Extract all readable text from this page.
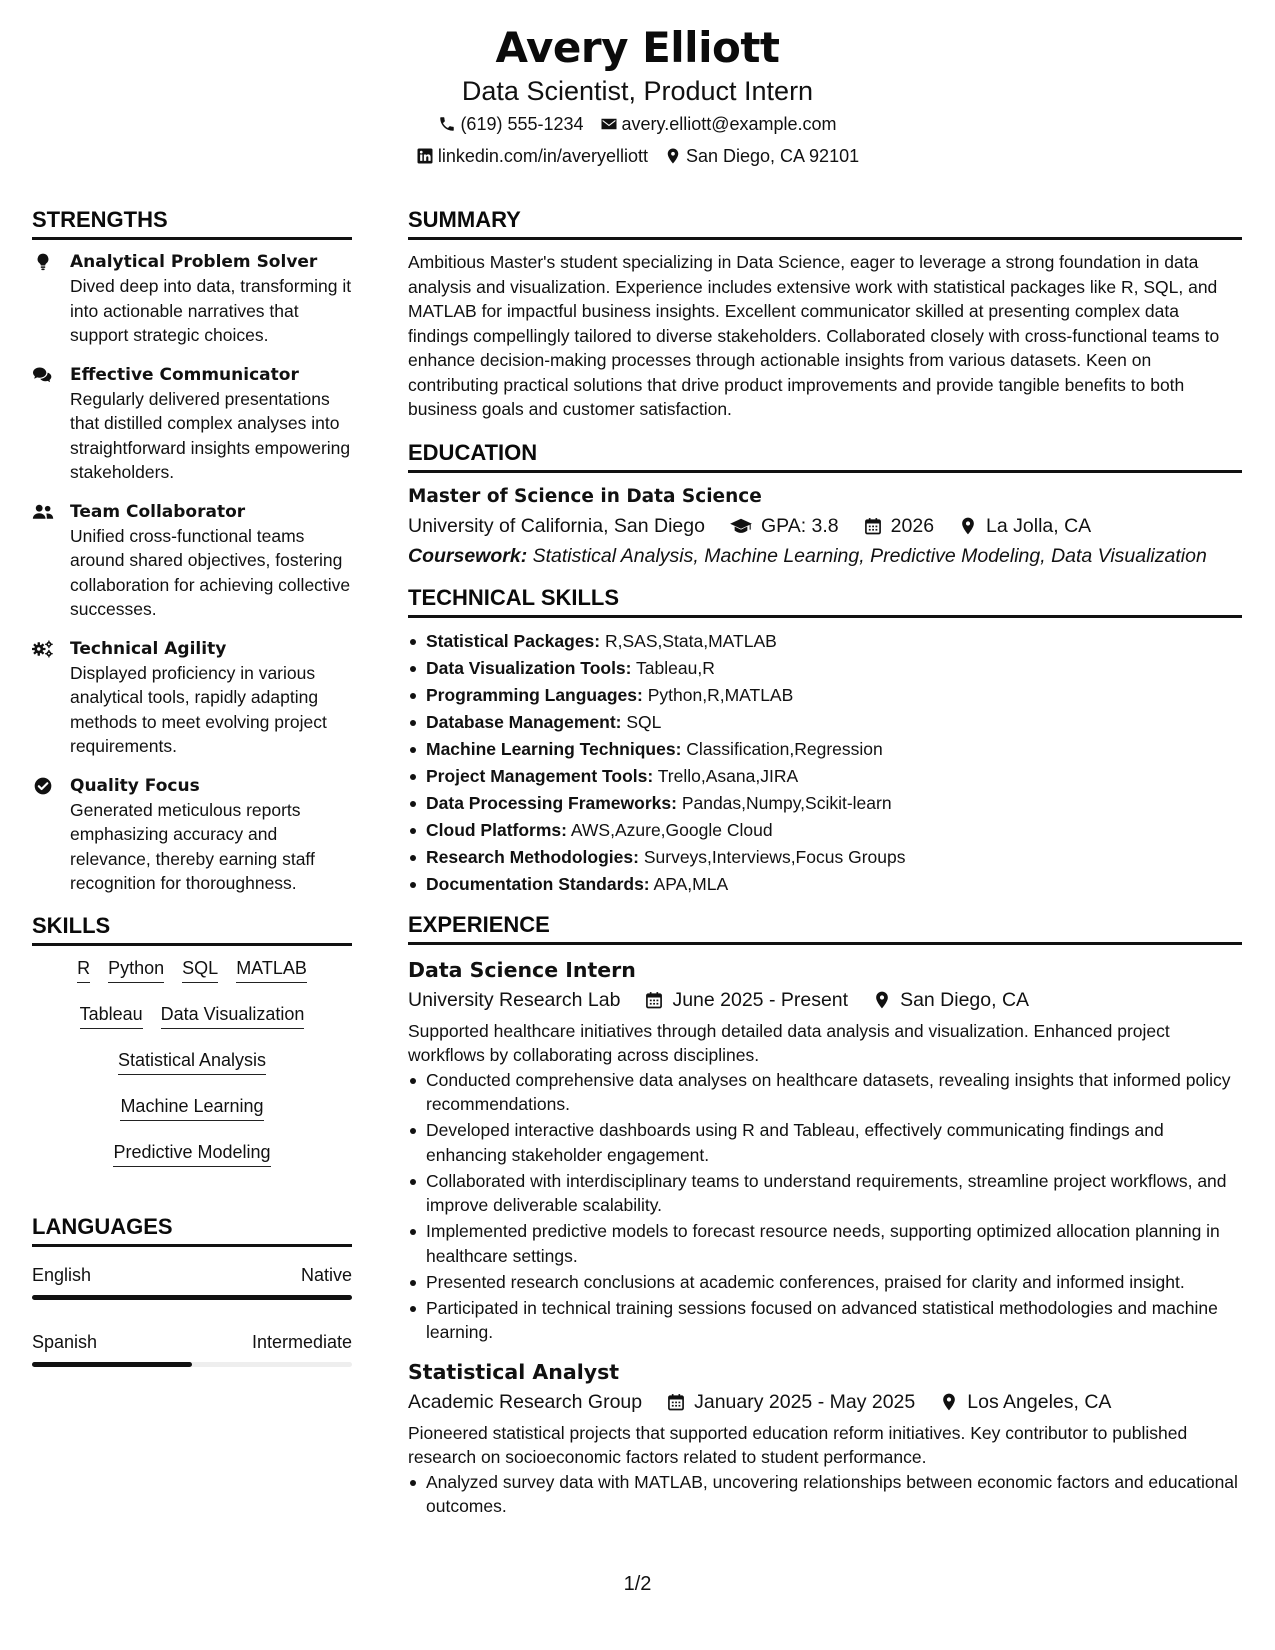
Avery Elliott
Data Scientist, Product Intern
(619) 555-1234 avery.elliott@example.com
linkedin.com/in/averyelliott San Diego, CA 92101
STRENGTHS
Analytical Problem Solver
Dived deep into data, transforming it into actionable narratives that support strategic choices.
Effective Communicator
Regularly delivered presentations that distilled complex analyses into straightforward insights empowering stakeholders.
Team Collaborator
Unified cross-functional teams around shared objectives, fostering collaboration for achieving collective successes.
Technical Agility
Displayed proficiency in various analytical tools, rapidly adapting methods to meet evolving project requirements.
Quality Focus
Generated meticulous reports emphasizing accuracy and relevance, thereby earning staff recognition for thoroughness.
SKILLS
R Python SQL MATLAB
Tableau Data Visualization
Statistical Analysis
Machine Learning
Predictive Modeling
LANGUAGES
English	Native
Spanish	Intermediate
SUMMARY
Ambitious Master's student specializing in Data Science, eager to leverage a strong foundation in data analysis and visualization. Experience includes extensive work with statistical packages like R, SQL, and MATLAB for impactful business insights. Excellent communicator skilled at presenting complex data findings compellingly tailored to diverse stakeholders. Collaborated closely with cross-functional teams to enhance decision-making processes through actionable insights from various datasets. Keen on contributing practical solutions that drive product improvements and provide tangible benefits to both business goals and customer satisfaction.
EDUCATION
Master of Science in Data Science
University of California, San Diego	GPA: 3.8	2026	La Jolla, CA
Coursework: Statistical Analysis, Machine Learning, Predictive Modeling, Data Visualization
TECHNICAL SKILLS
Statistical Packages: R,SAS,Stata,MATLAB
Data Visualization Tools: Tableau,R
Programming Languages: Python,R,MATLAB
Database Management: SQL
Machine Learning Techniques: Classification,Regression
Project Management Tools: Trello,Asana,JIRA
Data Processing Frameworks: Pandas,Numpy,Scikit-learn
Cloud Platforms: AWS,Azure,Google Cloud
Research Methodologies: Surveys,Interviews,Focus Groups
Documentation Standards: APA,MLA
EXPERIENCE
Data Science Intern
University Research Lab	June 2025 - Present	San Diego, CA
Supported healthcare initiatives through detailed data analysis and visualization. Enhanced project workflows by collaborating across disciplines.
Conducted comprehensive data analyses on healthcare datasets, revealing insights that informed policy recommendations.
Developed interactive dashboards using R and Tableau, effectively communicating findings and enhancing stakeholder engagement.
Collaborated with interdisciplinary teams to understand requirements, streamline project workflows, and improve deliverable scalability.
Implemented predictive models to forecast resource needs, supporting optimized allocation planning in healthcare settings.
Presented research conclusions at academic conferences, praised for clarity and informed insight.
Participated in technical training sessions focused on advanced statistical methodologies and machine learning.
Statistical Analyst
Academic Research Group	January 2025 - May 2025	Los Angeles, CA
Pioneered statistical projects that supported education reform initiatives. Key contributor to published research on socioeconomic factors related to student performance.
Analyzed survey data with MATLAB, uncovering relationships between economic factors and educational outcomes.
1/2
